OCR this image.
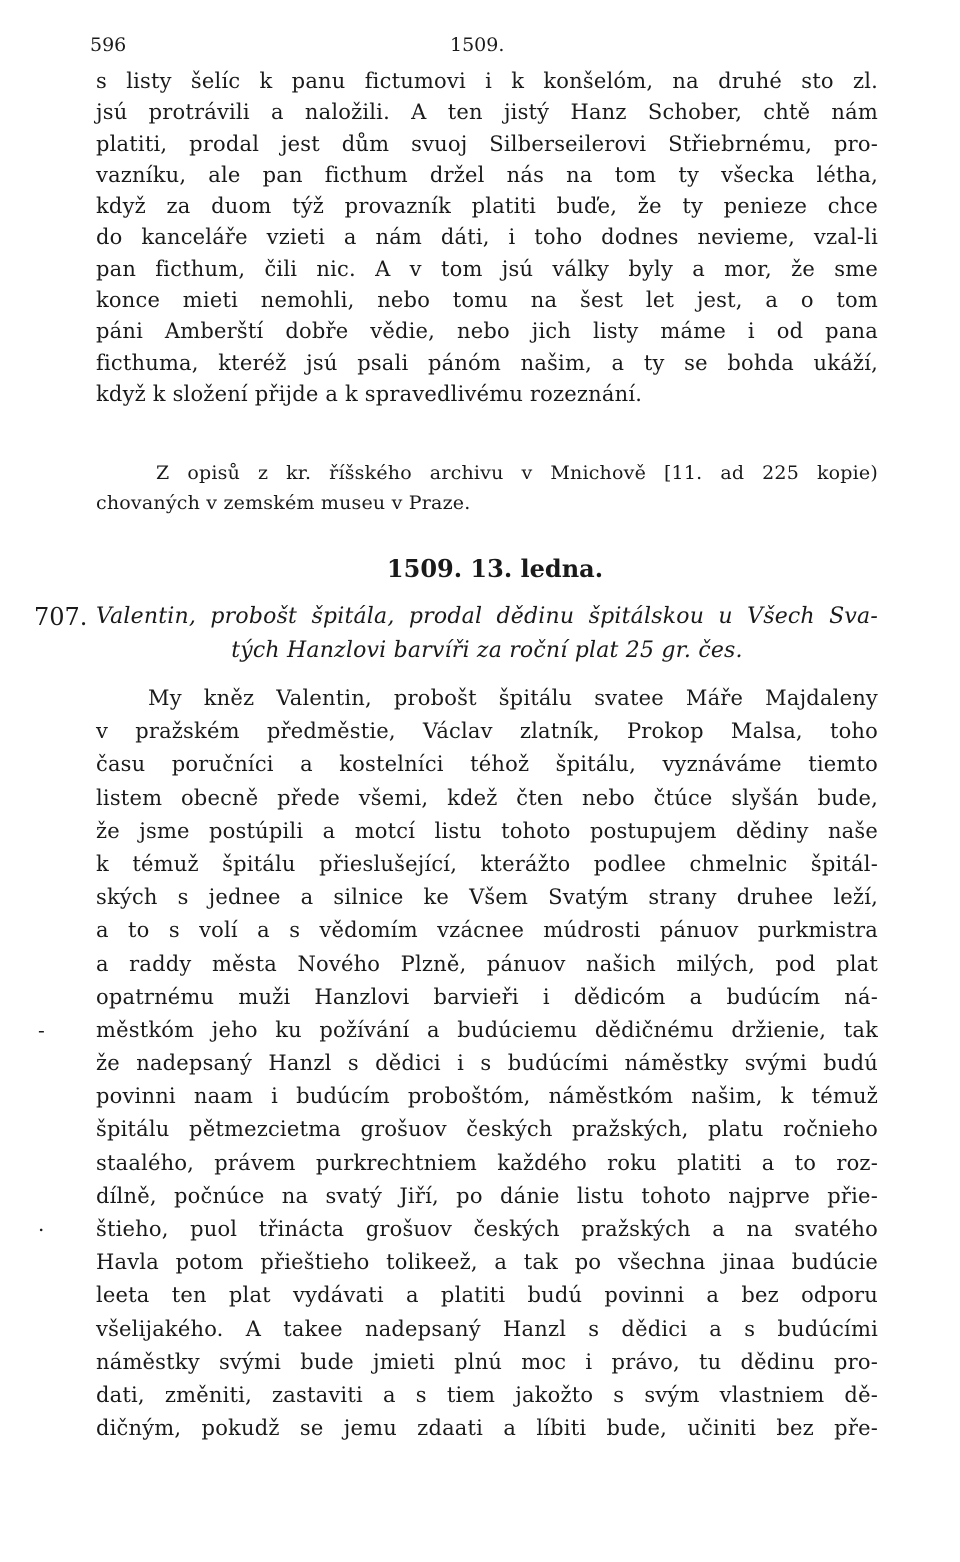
596	1509.
s listy šelíc k panu fictumovi i k konšelóm, na druhé sto zl.
jsú protrávili a naložili. A ten jistý Hanz Schober, chtě nám
platiti, prodal jest dům svuoj Silberseilerovi Střiebrnému, pro-
vazníku, ale pan ficthum držel nás na tom ty všecka létha,
když za duom týž provazník platiti buďe, že ty penieze chce
do kanceláře vzieti a nám dáti, i toho dodnes nevieme, vzal-li
pan ficthum, čili nic. A v tom jsú války byly a mor, že sme
konce mieti nemohli, nebo tomu na šest let jest, a o tom
páni Amberští dobře vědie, nebo jich listy máme i od pana
ficthuma, kteréž jsú psali pánóm našim, a ty se bohda ukáží,
když k složení přijde a k spravedlivému rozeznání.
Z opisů z kr. říšského archivu v Mnichově [11. ad 225 kopie)
chovaných v zemském museu v Praze.
1509. 13. ledna.
707. Valentin, probošt špitála, prodal dědinu špitálskou u Všech Sva-
tých Hanzlovi barvíři za roční plat 25 gr. čes.
My kněz Valentin, probošt špitálu svatee Máře Majdaleny
v pražském předměstie, Václav zlatník, Prokop Malsa, toho
času poručníci a kostelníci téhož špitálu, vyznáváme tiemto
listem obecně přede všemi, kdež čten nebo čtúce slyšán bude,
že jsme postúpili a motcí listu tohoto postupujem dědiny naše
k témuž špitálu přieslušející, kterážto podlee chmelnic špitál-
ských s jednee a silnice ke Všem Svatým strany druhee leží,
a to s volí a s vědomím vzácnee múdrosti pánuov purkmistra
a raddy města Nového Plzně, pánuov našich milých, pod plat
opatrnému muži Hanzlovi barvieři i dědicóm a budúcím ná-
městkóm jeho ku požívání a budúciemu dědičnému držienie, tak
že nadepsaný Hanzl s dědici i s budúcími náměstky svými budú
povinni naam i budúcím proboštóm, náměstkóm našim, k témuž
špitálu pětmezcietma grošuov českých pražských, platu ročnieho
staalého, právem purkrechtniem každého roku platiti a to roz-
dílně, počnúce na svatý Jiří, po dánie listu tohoto najprve přie-
štieho, puol třinácta grošuov českých pražských a na svatého
Havla potom přieštieho tolikeež, a tak po všechna jinaa budúcie
leeta ten plat vydávati a platiti budú povinni a bez odporu
všelijakého. A takee nadepsaný Hanzl s dědici a s budúcími
náměstky svými bude jmieti plnú moc i právo, tu dědinu pro-
dati, změniti, zastaviti a s tiem jakožto s svým vlastniem dě-
dičným, pokudž se jemu zdaati a líbiti bude, učiniti bez pře-
-
.
